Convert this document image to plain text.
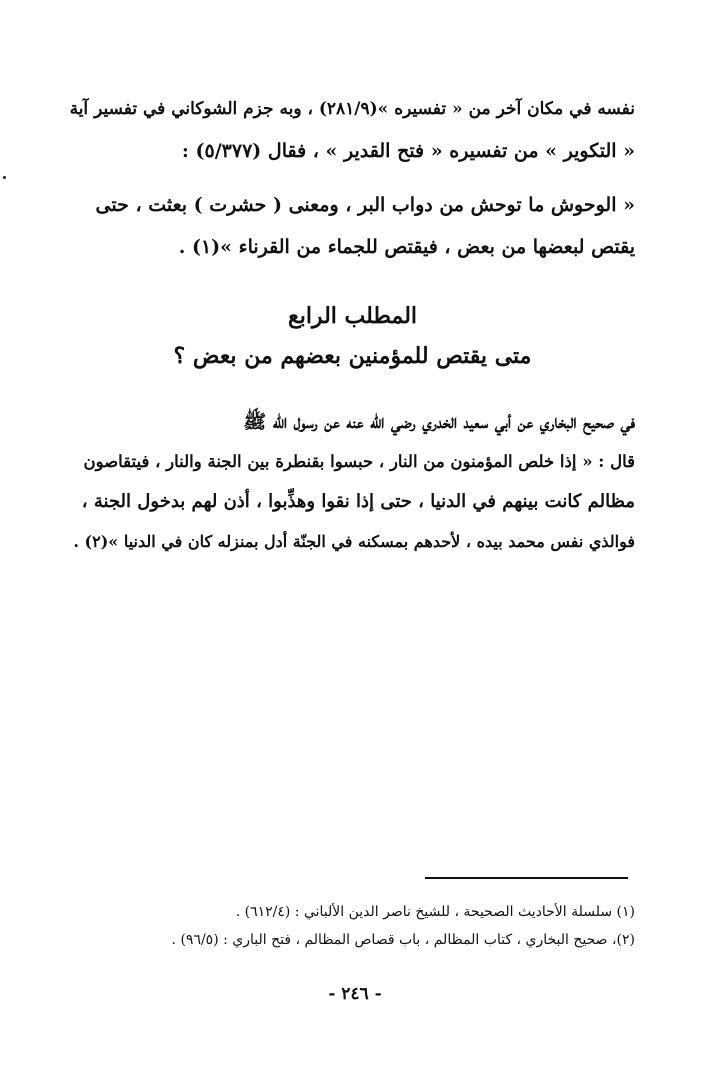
نفسه في مكان آخر من « تفسيره »(٢٨١/٩) ، وبه جزم الشوكاني في تفسير آية
« التكوير » من تفسيره « فتح القدير » ، فقال (٥/٣٧٧) :
« الوحوش ما توحش من دواب البر ، ومعنى ( حشرت ) بعثت ، حتى
يقتص لبعضها من بعض ، فيقتص للجماء من القرناء »(١) .
المطلب الرابع
متى يقتص للمؤمنين بعضهم من بعض ؟
في صحيح البخاري عن أبي سعيد الخدري رضي الله عنه عن رسول الله ﷺ
قال : « إذا خلص المؤمنون من النار ، حبسوا بقنطرة بين الجنة والنار ، فيتقاصون
مظالم كانت بينهم في الدنيا ، حتى إذا نقوا وهذِّبوا ، أذن لهم بدخول الجنة ،
فوالذي نفس محمد بيده ، لأحدهم بمسكنه في الجنّة أدل بمنزله كان في الدنيا »(٢) .
(١) سلسلة الأحاديث الصحيحة ، للشيخ ناصر الدين الألباني : (٦١٢/٤) .
(٢)، صحيح البخاري ، كتاب المظالم ، باب قصاص المظالم ، فتح الباري : (٩٦/٥) .
- ٢٤٦ -
